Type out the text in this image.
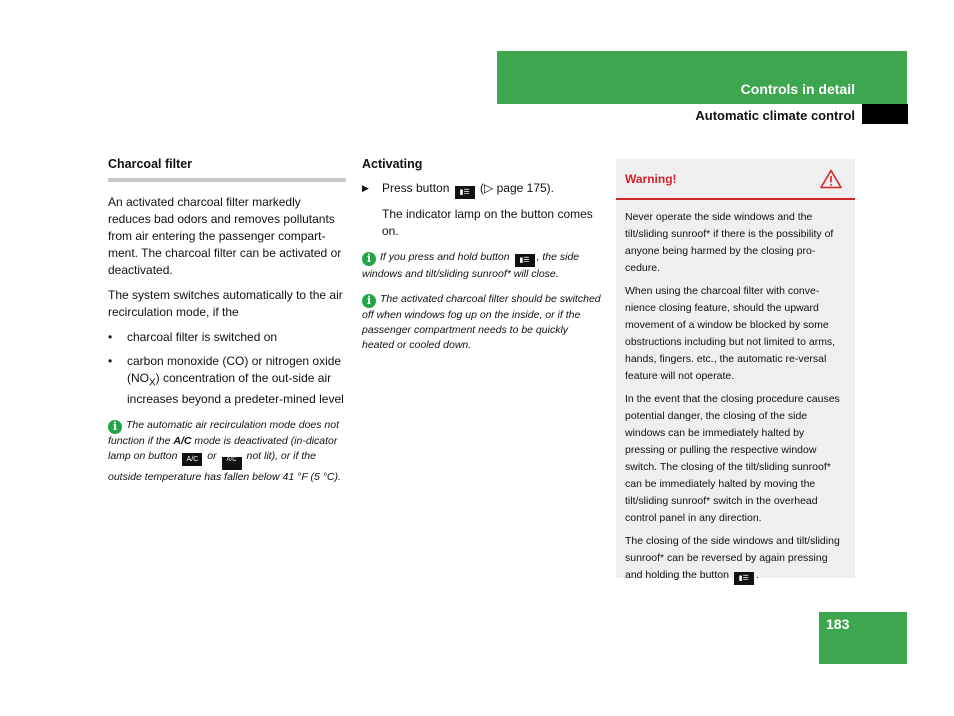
Controls in detail
Automatic climate control
Charcoal filter

An activated charcoal filter markedly reduces bad odors and removes pollutants from air entering the passenger compart-ment. The charcoal filter can be activated or deactivated.

The system switches automatically to the air recirculation mode, if the

• charcoal filter is switched on
• carbon monoxide (CO) or nitrogen oxide $(NO_X)$ concentration of the out-side air increases beyond a predeter-mined level

i The automatic air recirculation mode does not function if the A/C mode is deactivated (in-dicator lamp on button A/C or A/C not lit), or if the outside temperature has fallen below 41 °F (5 °C).

Activating
▶ Press button ▮☰ (▷ page 175).

The indicator lamp on the button comes on.

i If you press and hold button ▮☰ , the side windows and tilt/sliding sunroof* will close.

i The activated charcoal filter should be switched off when windows fog up on the inside, or if the passenger compartment needs to be quickly heated or cooled down.

Warning!

Never operate the side windows and the tilt/sliding sunroof* if there is the possibility of anyone being harmed by the closing pro-cedure.

When using the charcoal filter with conve-nience closing feature, should the upward movement of a window be blocked by some obstructions including but not limited to arms, hands, fingers. etc., the automatic re-versal feature will not operate.

In the event that the closing procedure causes potential danger, the closing of the side windows can be immediately halted by pressing or pulling the respective window switch. The closing of the tilt/sliding sunroof* can be immediately halted by moving the tilt/sliding sunroof* switch in the overhead control panel in any direction.

The closing of the side windows and tilt/sliding sunroof* can be reversed by again pressing and holding the button ▮☰ .

183
